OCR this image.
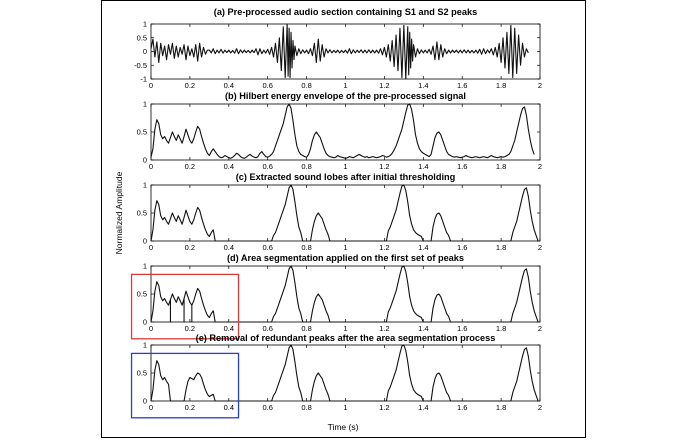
(a) Pre-processed audio section containing S1 and S2 peaks
0	0.2	0.4	0.6	0.8	1	1.2	1.4	1.6	1.8	2
-1
-0.5
0
0.5
1
(b) Hilbert energy envelope of the pre-processed signal
0	0.2	0.4	0.6	0.8	1	1.2	1.4	1.6	1.8	2
0
0.5
1
(c) Extracted sound lobes after initial thresholding
0	0.2	0.4	0.6	0.8	1	1.2	1.4	1.6	1.8	2
0
0.5
1
(d) Area segmentation applied on the first set of peaks
0	0.2	0.4	0.6	0.8	1	1.2	1.4	1.6	1.8	2
0
0.5
1
(e) Removal of redundant peaks after the area segmentation process
0	0.2	0.4	0.6	0.8	1	1.2	1.4	1.6	1.8	2
0
0.5
1
Normalized Amplitude
Time (s)
